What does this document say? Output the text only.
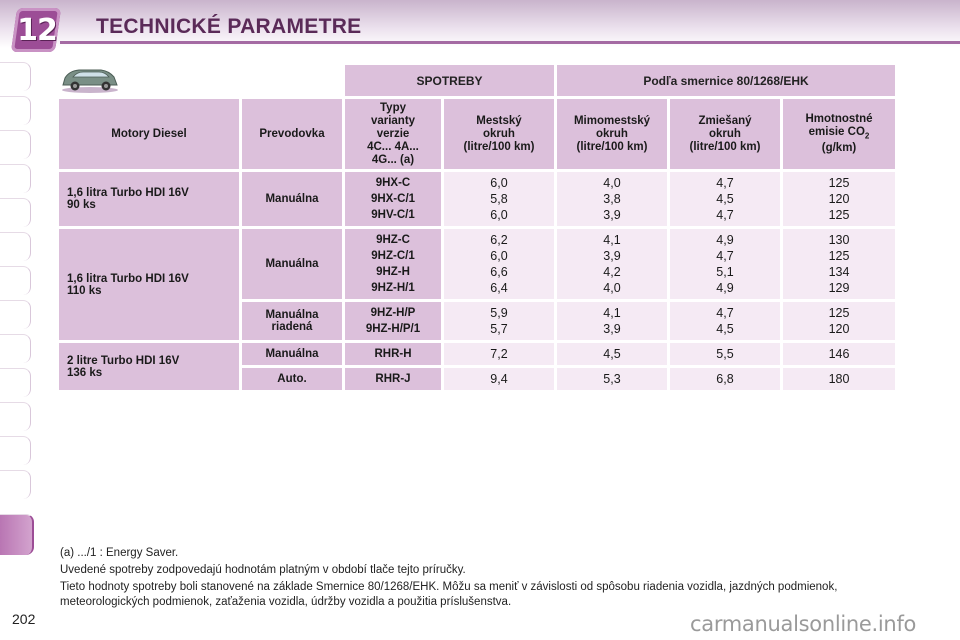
12 TECHNICKÉ PARAMETRE
	SPOTREBY		Podľa smernice 80/1268/EHK		
Motory Diesel	Prevodovka	Typy
varianty
verzie
4C... 4A...
4G... (a)	Mestský
okruh
(litre/100 km)	Mimomestský
okruh
(litre/100 km)	Zmiešaný
okruh
(litre/100 km)	Hmotnostné
emisie $CO_2$
(g/km)

1,6 litra Turbo HDI 16V
90 ks	Manuálna	9HX-C
9HX-C/1
9HV-C/1	6,0
5,8
6,0	4,0
3,8
3,9	4,7
4,5
4,7	125
120
125

1,6 litra Turbo HDI 16V
110 ks	Manuálna	9HZ-C
9HZ-C/1
9HZ-H
9HZ-H/1	6,2
6,0
6,6
6,4	4,1
3,9
4,2
4,0	4,9
4,7
5,1
4,9	130
125
134
129

	Manuálna
riadená	9HZ-H/P
9HZ-H/P/1	5,9
5,7	4,1
3,9	4,7
4,5	125
120

2 litre Turbo HDI 16V
136 ks	Manuálna	RHR-H	7,2	4,5	5,5	146

	Auto.	RHR-J	9,4	5,3	6,8	180

(a) .../1 : Energy Saver.

Uvedené spotreby zodpovedajú hodnotám platným v období tlače tejto príručky.

Tieto hodnoty spotreby boli stanovené na základe Smernice 80/1268/EHK. Môžu sa meniť v závislosti od spôsobu riadenia vozidla, jazdných podmienok, meteorologických podmienok, zaťaženia vozidla, údržby vozidla a použitia príslušenstva.

202	carmanualsonline.info
